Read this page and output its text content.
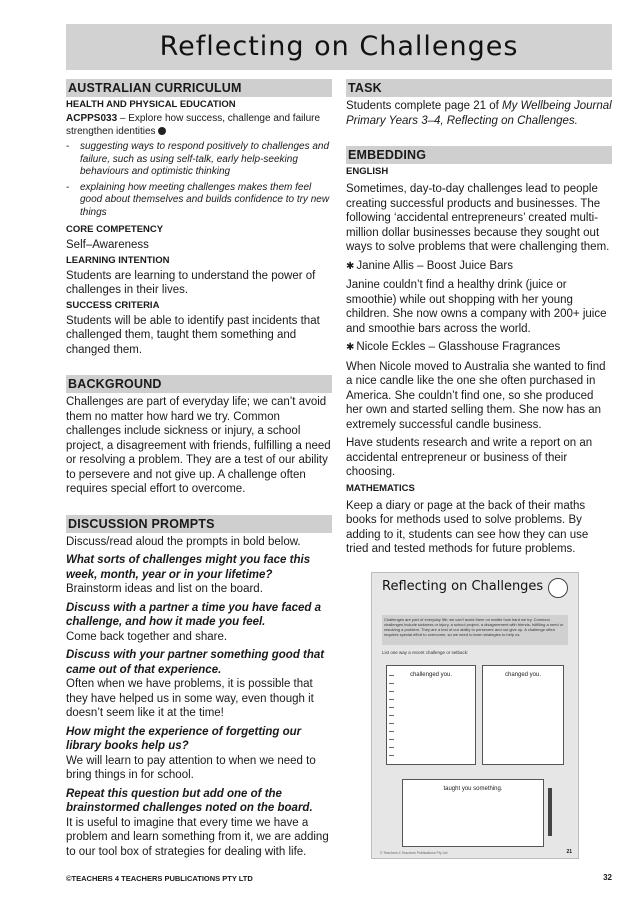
Reflecting on Challenges
AUSTRALIAN CURRICULUM
HEALTH AND PHYSICAL EDUCATION

ACPPS033 – Explore how success, challenge and failure strengthen identities

-	suggesting ways to respond positively to challenges and failure, such as using self-talk, early help-seeking behaviours and optimistic thinking
-	explaining how meeting challenges makes them feel good about themselves and builds confidence to try new things
CORE COMPETENCY

Self–Awareness

LEARNING INTENTION

Students are learning to understand the power of challenges in their lives.

SUCCESS CRITERIA

Students will be able to identify past incidents that challenged them, taught them something and changed them.

BACKGROUND

Challenges are part of everyday life; we can’t avoid them no matter how hard we try. Common challenges include sickness or injury, a school project, a disagreement with friends, fulfilling a need or resolving a problem. They are a test of our ability to persevere and not give up. A challenge often requires special effort to overcome.

DISCUSSION PROMPTS

Discuss/read aloud the prompts in bold below.

What sorts of challenges might you face this week, month, year or in your lifetime?

Brainstorm ideas and list on the board.

Discuss with a partner a time you have faced a challenge, and how it made you feel.

Come back together and share.

Discuss with your partner something good that came out of that experience.

Often when we have problems, it is possible that they have helped us in some way, even though it doesn’t seem like it at the time!

How might the experience of forgetting our library books help us?

We will learn to pay attention to when we need to bring things in for school.

Repeat this question but add one of the brainstormed challenges noted on the board.

It is useful to imagine that every time we have a problem and learn something from it, we are adding to our tool box of strategies for dealing with life.

TASK

Students complete page 21 of My Wellbeing Journal Primary Years 3–4, Reflecting on Challenges.

EMBEDDING
ENGLISH

Sometimes, day-to-day challenges lead to people creating successful products and businesses. The following ‘accidental entrepreneurs’ created multi-million dollar businesses because they sought out ways to solve problems that were challenging them.

✱ Janine Allis – Boost Juice Bars

Janine couldn’t find a healthy drink (juice or smoothie) while out shopping with her young children. She now owns a company with 200+ juice and smoothie bars across the world.

✱ Nicole Eckles – Glasshouse Fragrances

When Nicole moved to Australia she wanted to find a nice candle like the one she often purchased in America. She couldn’t find one, so she produced her own and started selling them. She now has an extremely successful candle business.

Have students research and write a report on an accidental entrepreneur or business of their choosing.

MATHEMATICS

Keep a diary or page at the back of their maths books for methods used to solve problems. By adding to it, students can see how they can use tried and tested methods for future problems.

Reflecting on Challenges
Challenges are part of everyday life; we can't avoid them no matter how hard we try. Common challenges include sickness or injury, a school project, a disagreement with friends, fulfilling a need or resolving a problem. They are a test of our ability to persevere and not give up. A challenge often requires special effort to overcome, so we need to learn strategies to help us.
List one way a recent challenge or setback:
challenged you.	changed you.
taught you something.
© Teachers 4 Teachers Publications Pty Ltd	21
©TEACHERS 4 TEACHERS PUBLICATIONS PTY LTD	32
